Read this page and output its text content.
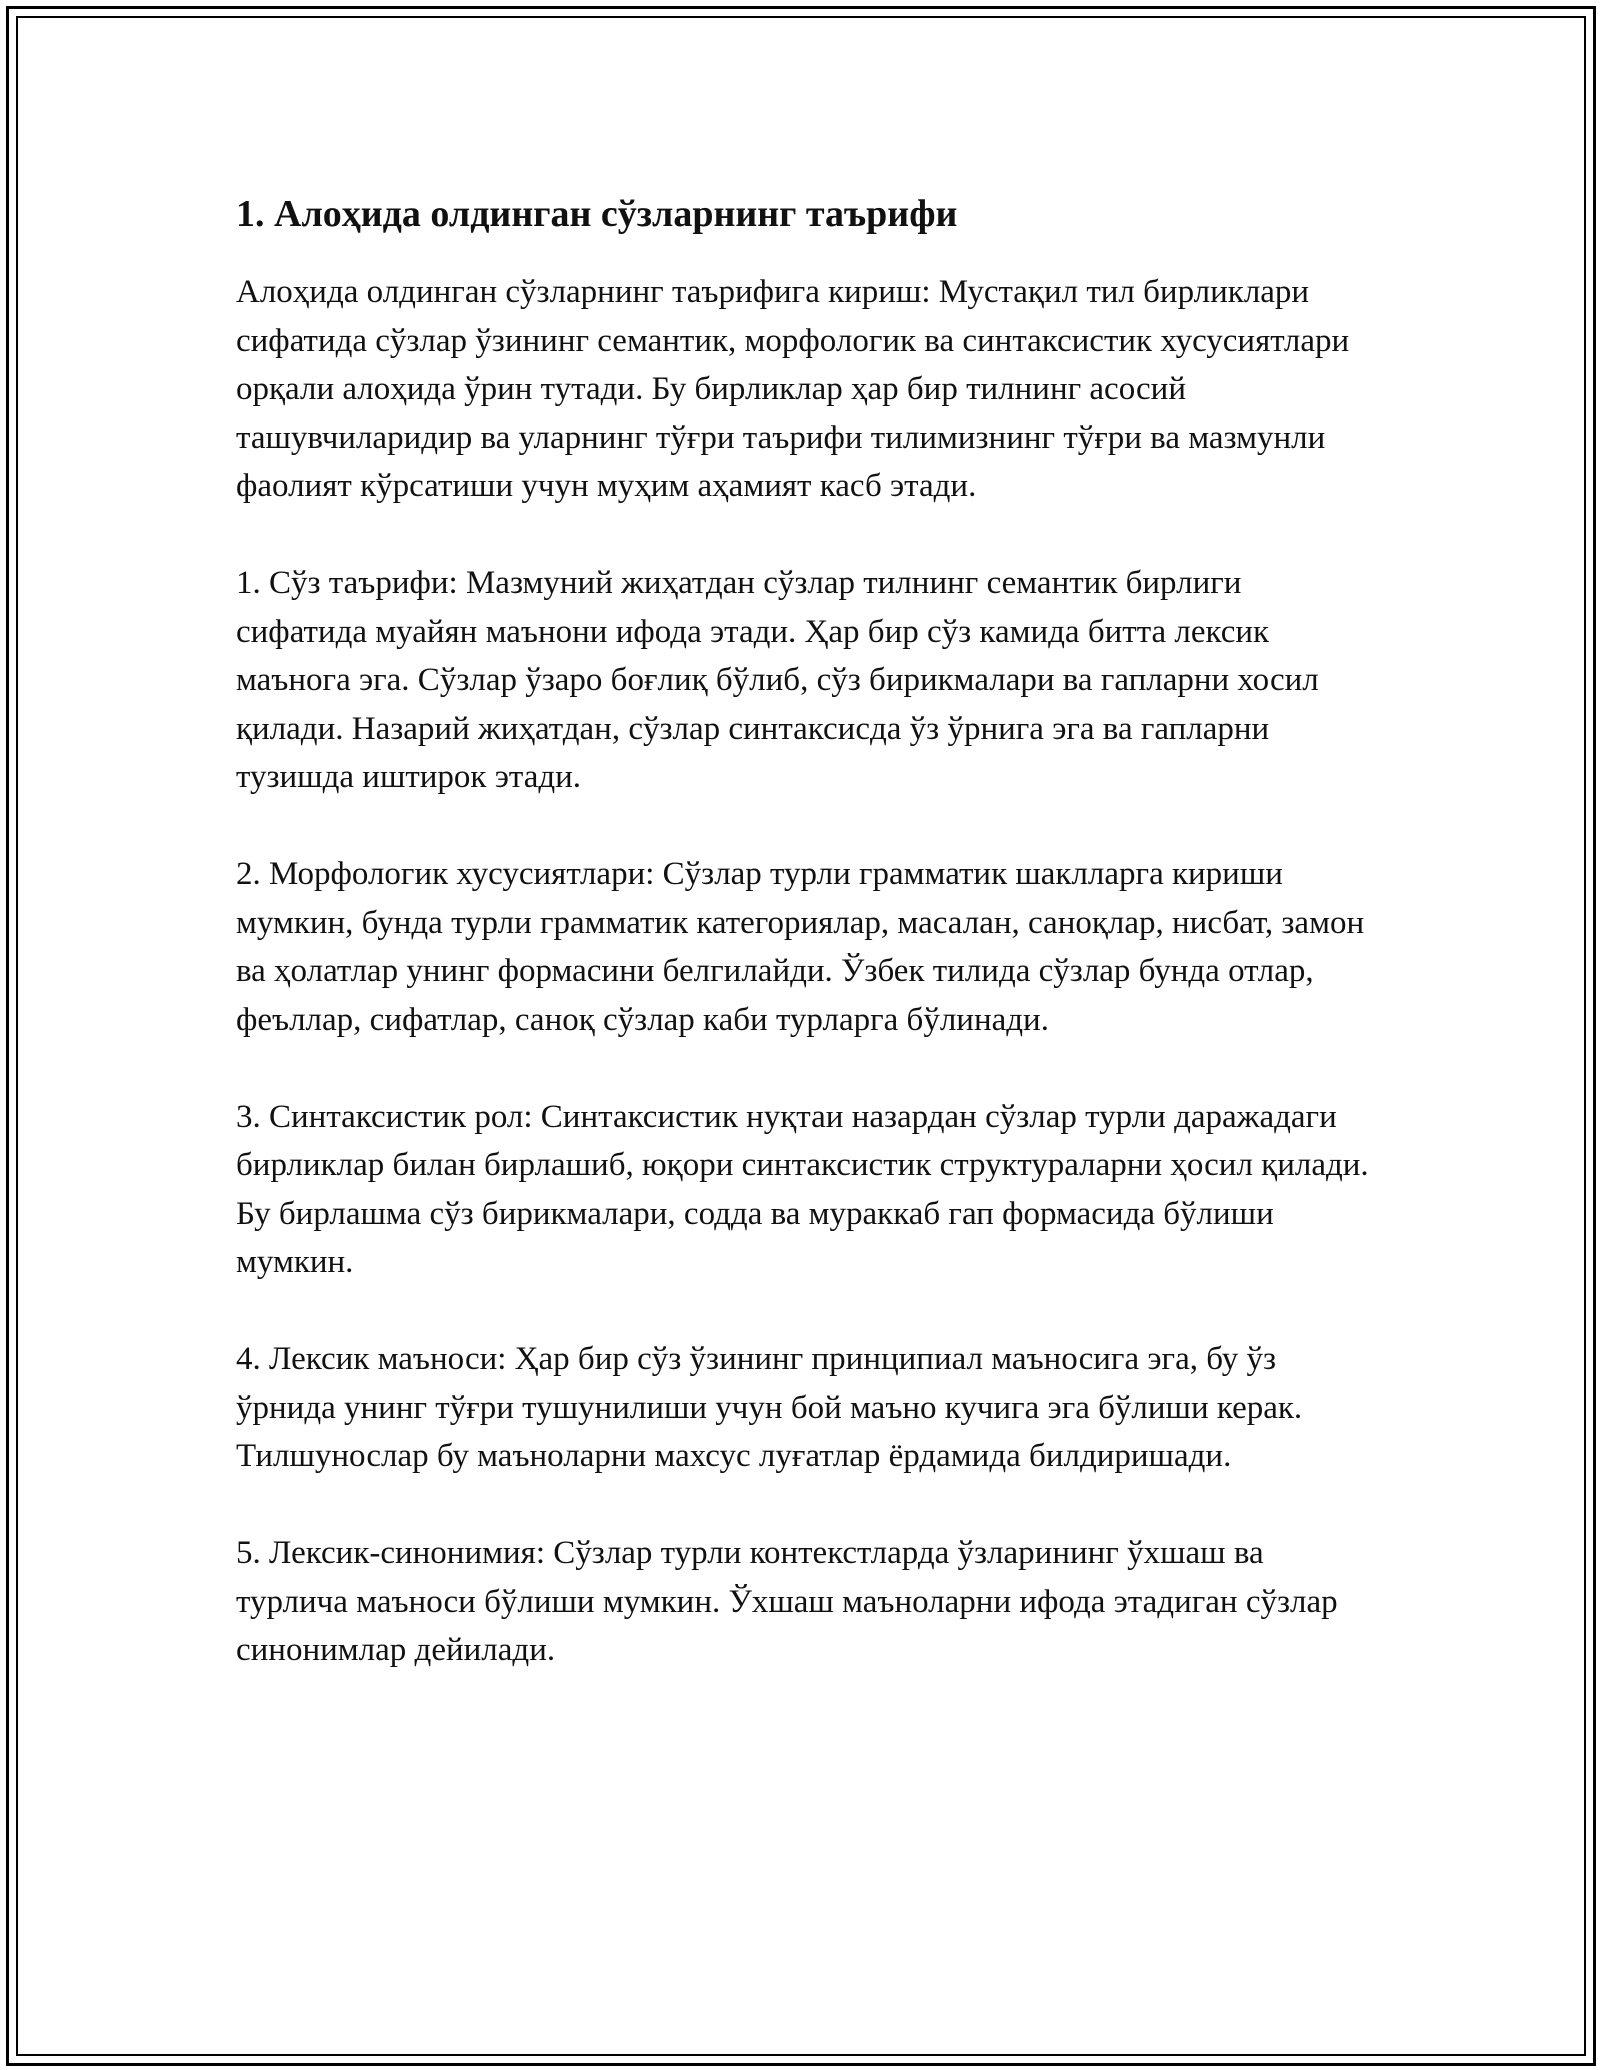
1. Алоҳида олдинган сўзларнинг таърифи

Алоҳида олдинган сўзларнинг таърифига кириш: Мустақил тил бирликлари сифатида сўзлар ўзининг семантик, морфологик ва синтаксистик хусусиятлари орқали алоҳида ўрин тутади. Бу бирликлар ҳар бир тилнинг асосий ташувчиларидир ва уларнинг тўғри таърифи тилимизнинг тўғри ва мазмунли фаолият кўрсатиши учун муҳим аҳамият касб этади.

1. Сўз таърифи: Мазмуний жиҳатдан сўзлар тилнинг семантик бирлиги сифатида муайян маънони ифода этади. Ҳар бир сўз камида битта лексик маънога эга. Сўзлар ўзаро боғлиқ бўлиб, сўз бирикмалари ва гапларни хосил қилади. Назарий жиҳатдан, сўзлар синтаксисда ўз ўрнига эга ва гапларни тузишда иштирок этади.

2. Морфологик хусусиятлари: Сўзлар турли грамматик шаклларга кириши мумкин, бунда турли грамматик категориялар, масалан, саноқлар, нисбат, замон ва ҳолатлар унинг формасини белгилайди. Ўзбек тилида сўзлар бунда отлар, феъллар, сифатлар, саноқ сўзлар каби турларга бўлинади.

3. Синтаксистик рол: Синтаксистик нуқтаи назардан сўзлар турли даражадаги бирликлар билан бирлашиб, юқори синтаксистик структураларни ҳосил қилади. Бу бирлашма сўз бирикмалари, содда ва мураккаб гап формасида бўлиши мумкин.

4. Лексик маъноси: Ҳар бир сўз ўзининг принципиал маъносига эга, бу ўз ўрнида унинг тўғри тушунилиши учун бой маъно кучига эга бўлиши керак. Тилшунослар бу маъноларни махсус луғатлар ёрдамида билдиришади.

5. Лексик-синонимия: Сўзлар турли контекстларда ўзларининг ўхшаш ва турлича маъноси бўлиши мумкин. Ўхшаш маъноларни ифода этадиган сўзлар синонимлар дейилади.
